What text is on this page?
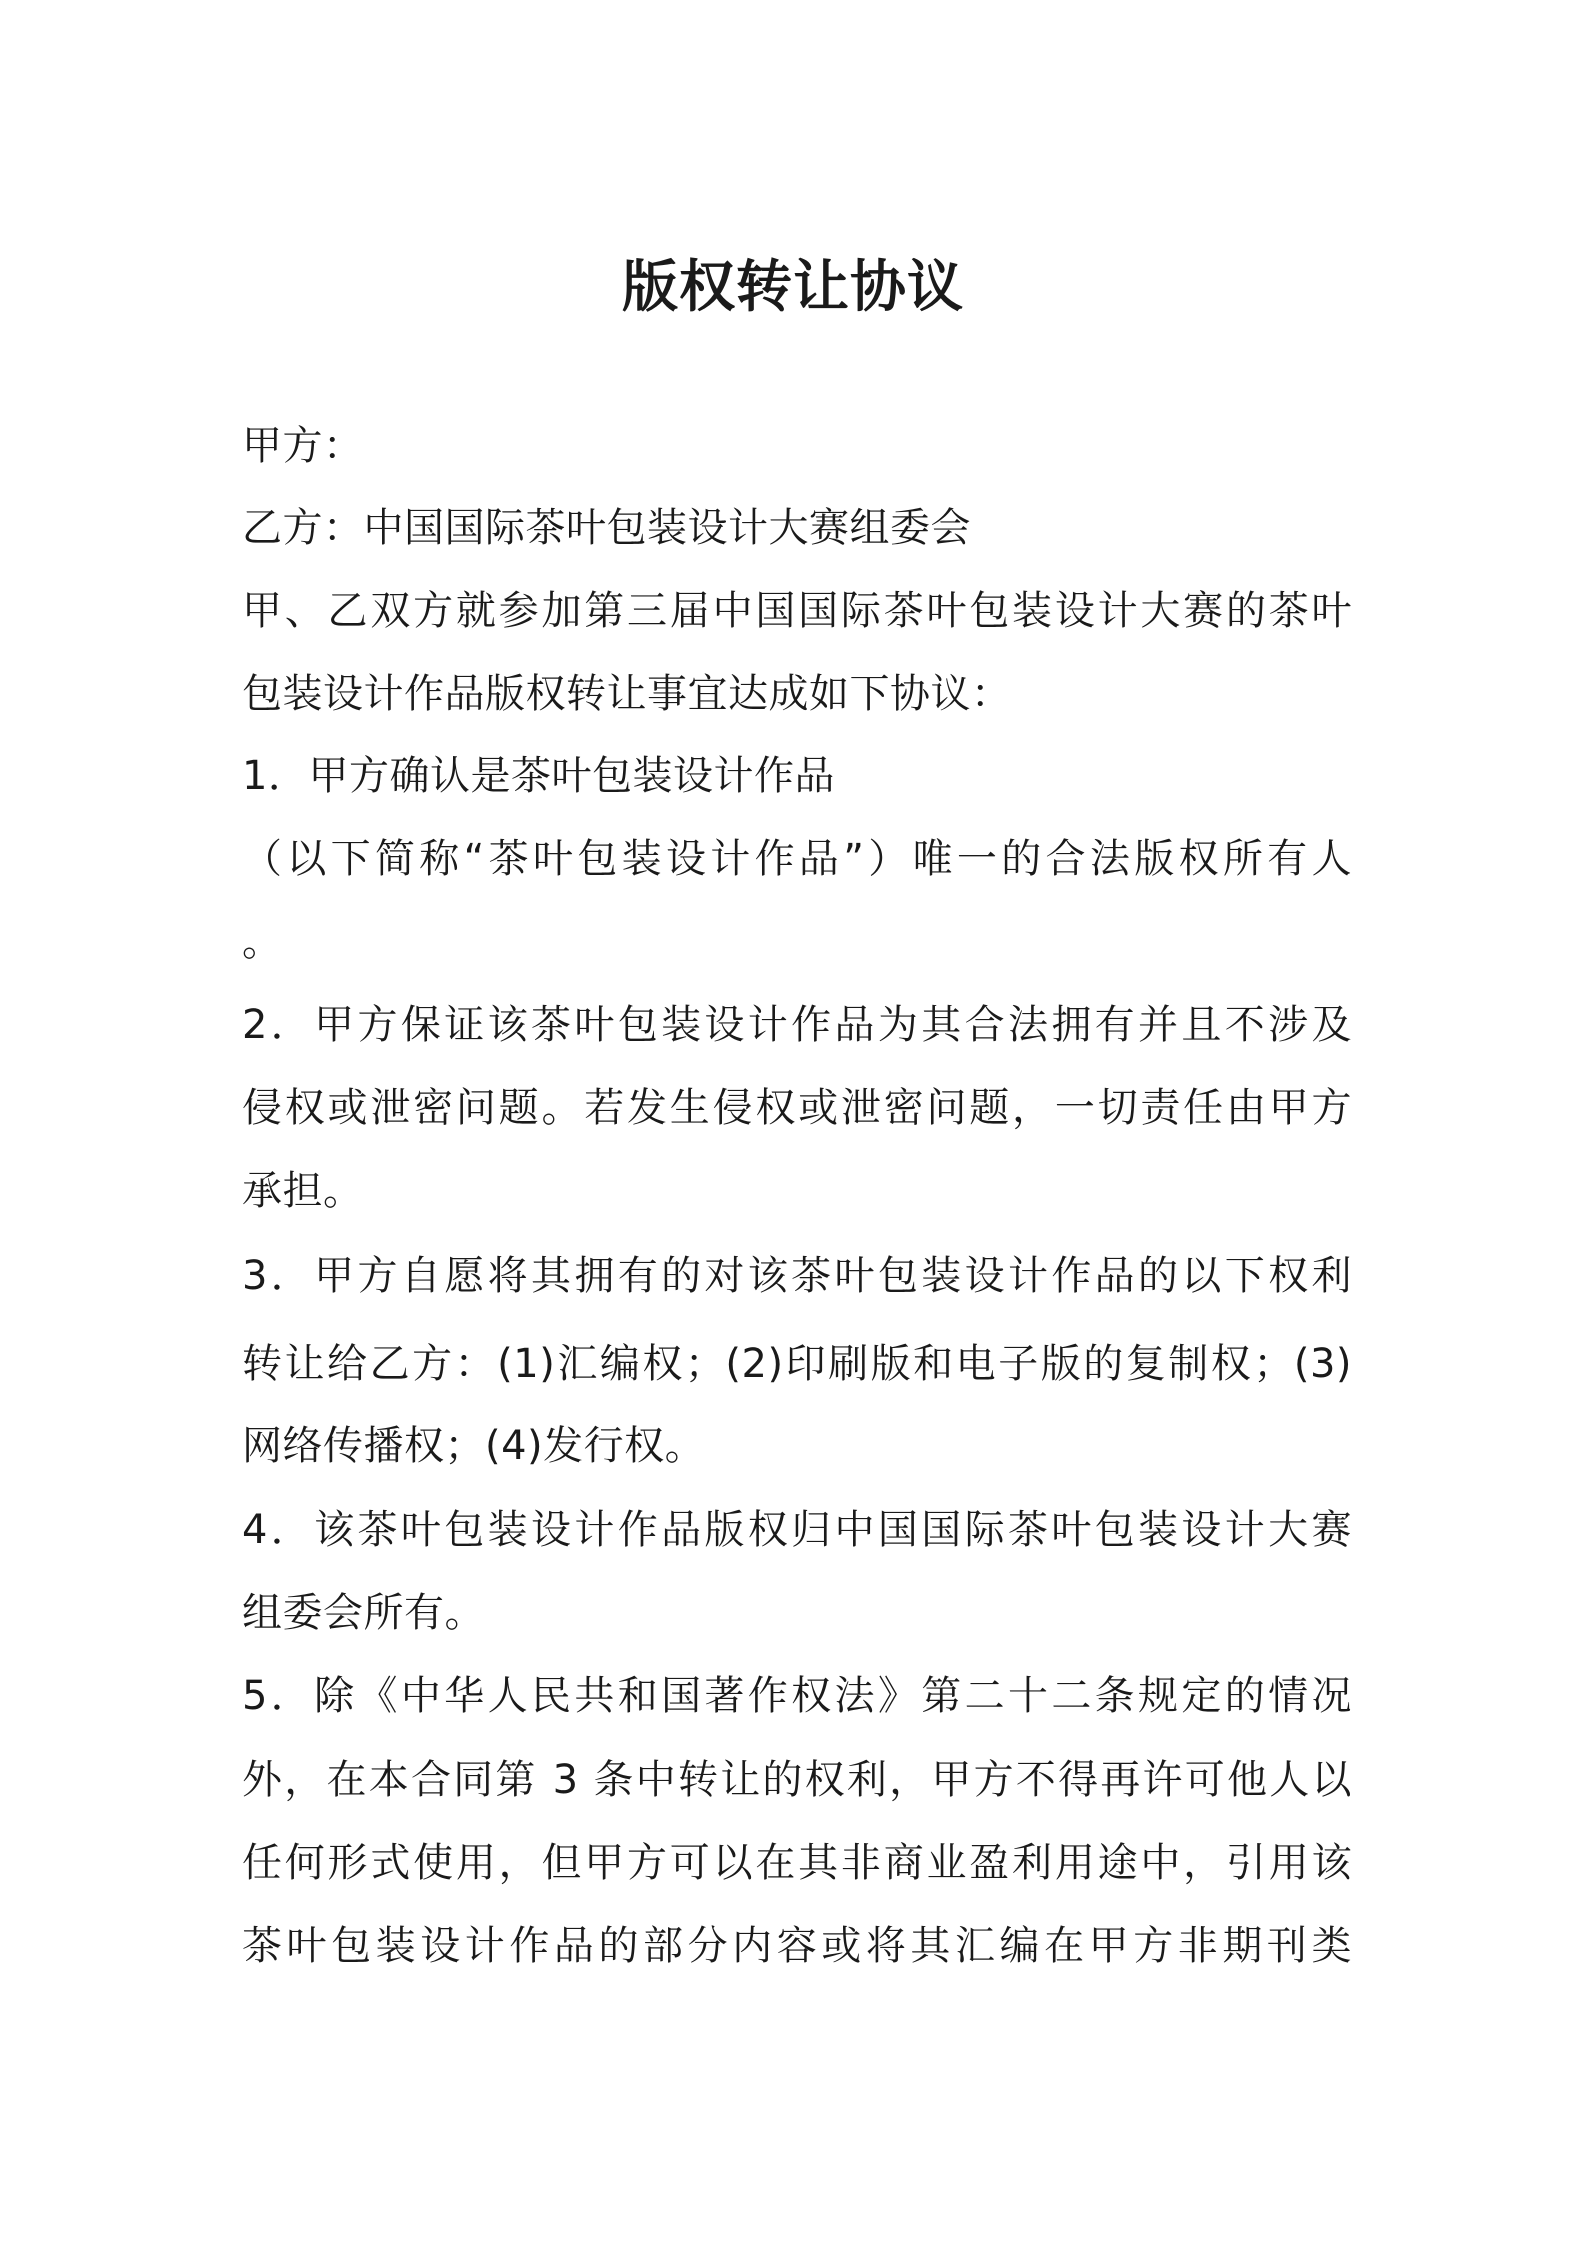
版权转让协议
甲方：
乙方：中国国际茶叶包装设计大赛组委会
甲、乙双方就参加第三届中国国际茶叶包装设计大赛的茶叶
包装设计作品版权转让事宜达成如下协议：
1．甲方确认是茶叶包装设计作品
（以下简称“茶叶包装设计作品”）唯一的合法版权所有人
。
2．甲方保证该茶叶包装设计作品为其合法拥有并且不涉及
侵权或泄密问题。若发生侵权或泄密问题，一切责任由甲方
承担。
3．甲方自愿将其拥有的对该茶叶包装设计作品的以下权利
转让给乙方：(1)汇编权；(2)印刷版和电子版的复制权；(3)
网络传播权；(4)发行权。
4．该茶叶包装设计作品版权归中国国际茶叶包装设计大赛
组委会所有。
5．除《中华人民共和国著作权法》第二十二条规定的情况
外，在本合同第 3 条中转让的权利，甲方不得再许可他人以
任何形式使用，但甲方可以在其非商业盈利用途中，引用该
茶叶包装设计作品的部分内容或将其汇编在甲方非期刊类
